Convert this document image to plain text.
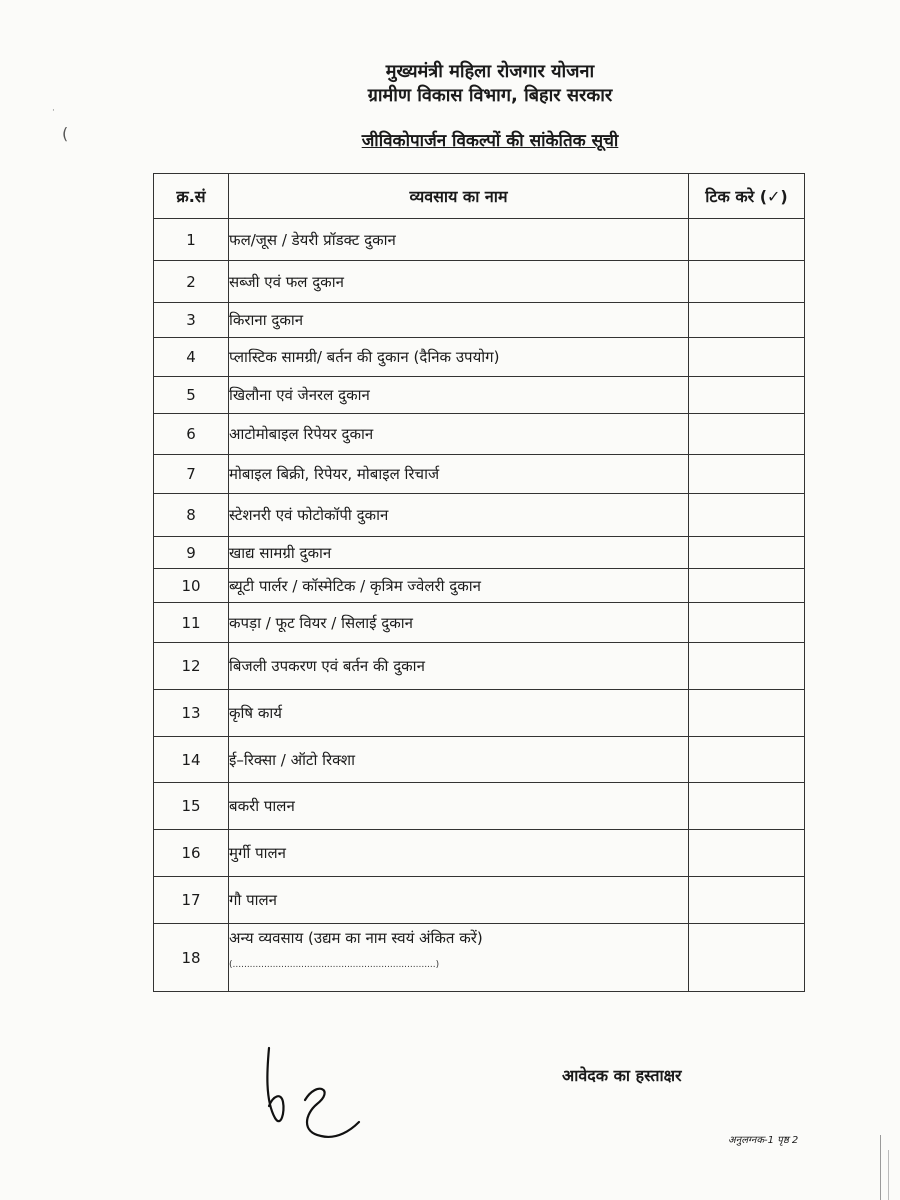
मुख्यमंत्री महिला रोजगार योजना
ग्रामीण विकास विभाग, बिहार सरकार
·
(	जीविकोपार्जन विकल्पों की सांकेतिक सूची
क्र.सं	व्यवसाय का नाम	टिक करे (✓)
1	फल/जूस / डेयरी प्रॉडक्ट दुकान	
2	सब्जी एवं फल दुकान	
3	किराना दुकान	
4	प्लास्टिक सामग्री/ बर्तन की दुकान (दैनिक उपयोग)	
5	खिलौना एवं जेनरल दुकान	
6	आटोमोबाइल रिपेयर दुकान	
7	मोबाइल बिक्री, रिपेयर, मोबाइल रिचार्ज	
8	स्टेशनरी एवं फोटोकॉपी दुकान	
9	खाद्य सामग्री दुकान	
10	ब्यूटी पार्लर / कॉस्मेटिक / कृत्रिम ज्वेलरी दुकान	
11	कपड़ा / फूट वियर / सिलाई दुकान	
12	बिजली उपकरण एवं बर्तन की दुकान	
13	कृषि कार्य	
14	ई–रिक्सा / ऑटो रिक्शा	
15	बकरी पालन	
16	मुर्गी पालन	
17	गौ पालन	
18	अन्य व्यवसाय (उद्यम का नाम स्वयं अंकित करें)
(.......................................................................)	

आवेदक का हस्ताक्षर
अनुलग्नक-1 पृष्ठ 2
